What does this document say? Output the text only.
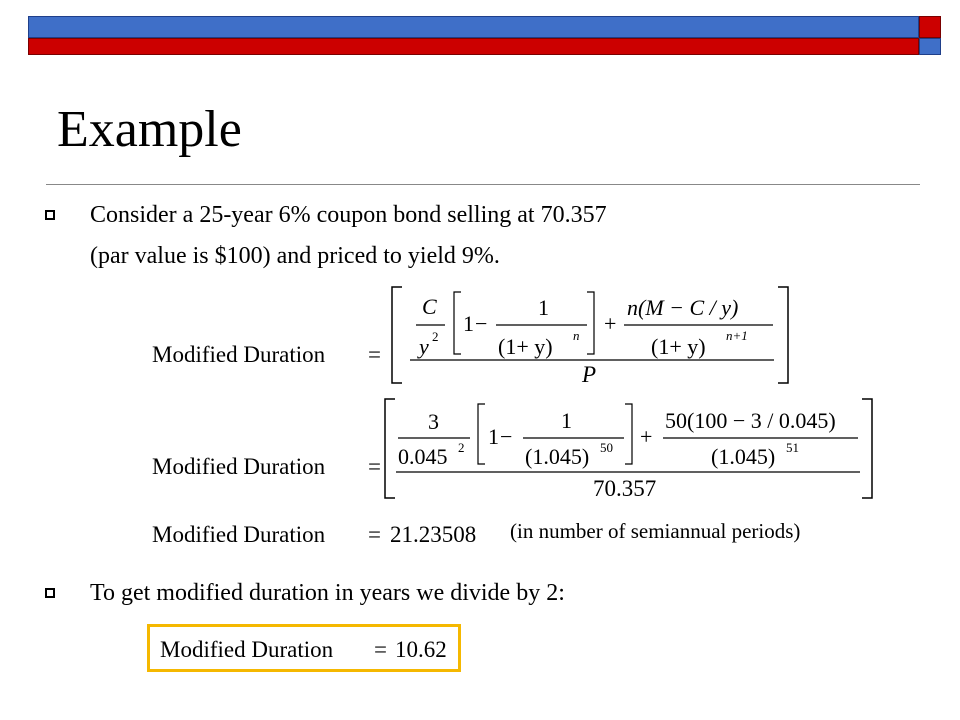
Example
Consider a 25-year 6% coupon bond selling at 70.357
(par value is $100) and priced to yield 9%.
Modified Duration =
C
y 2
1 −
1
(1+ y) n +
n(M − C / y)
(1+ y) n+1
P
Modified Duration =
3
0.045 2 1 −
1
(1.045) 50 +
50(100 − 3 / 0.045)
(1.045) 51
70.357
Modified Duration = 21.23508 (in number of semiannual periods)
To get modified duration in years we divide by 2:
Modified Duration = 10.62
